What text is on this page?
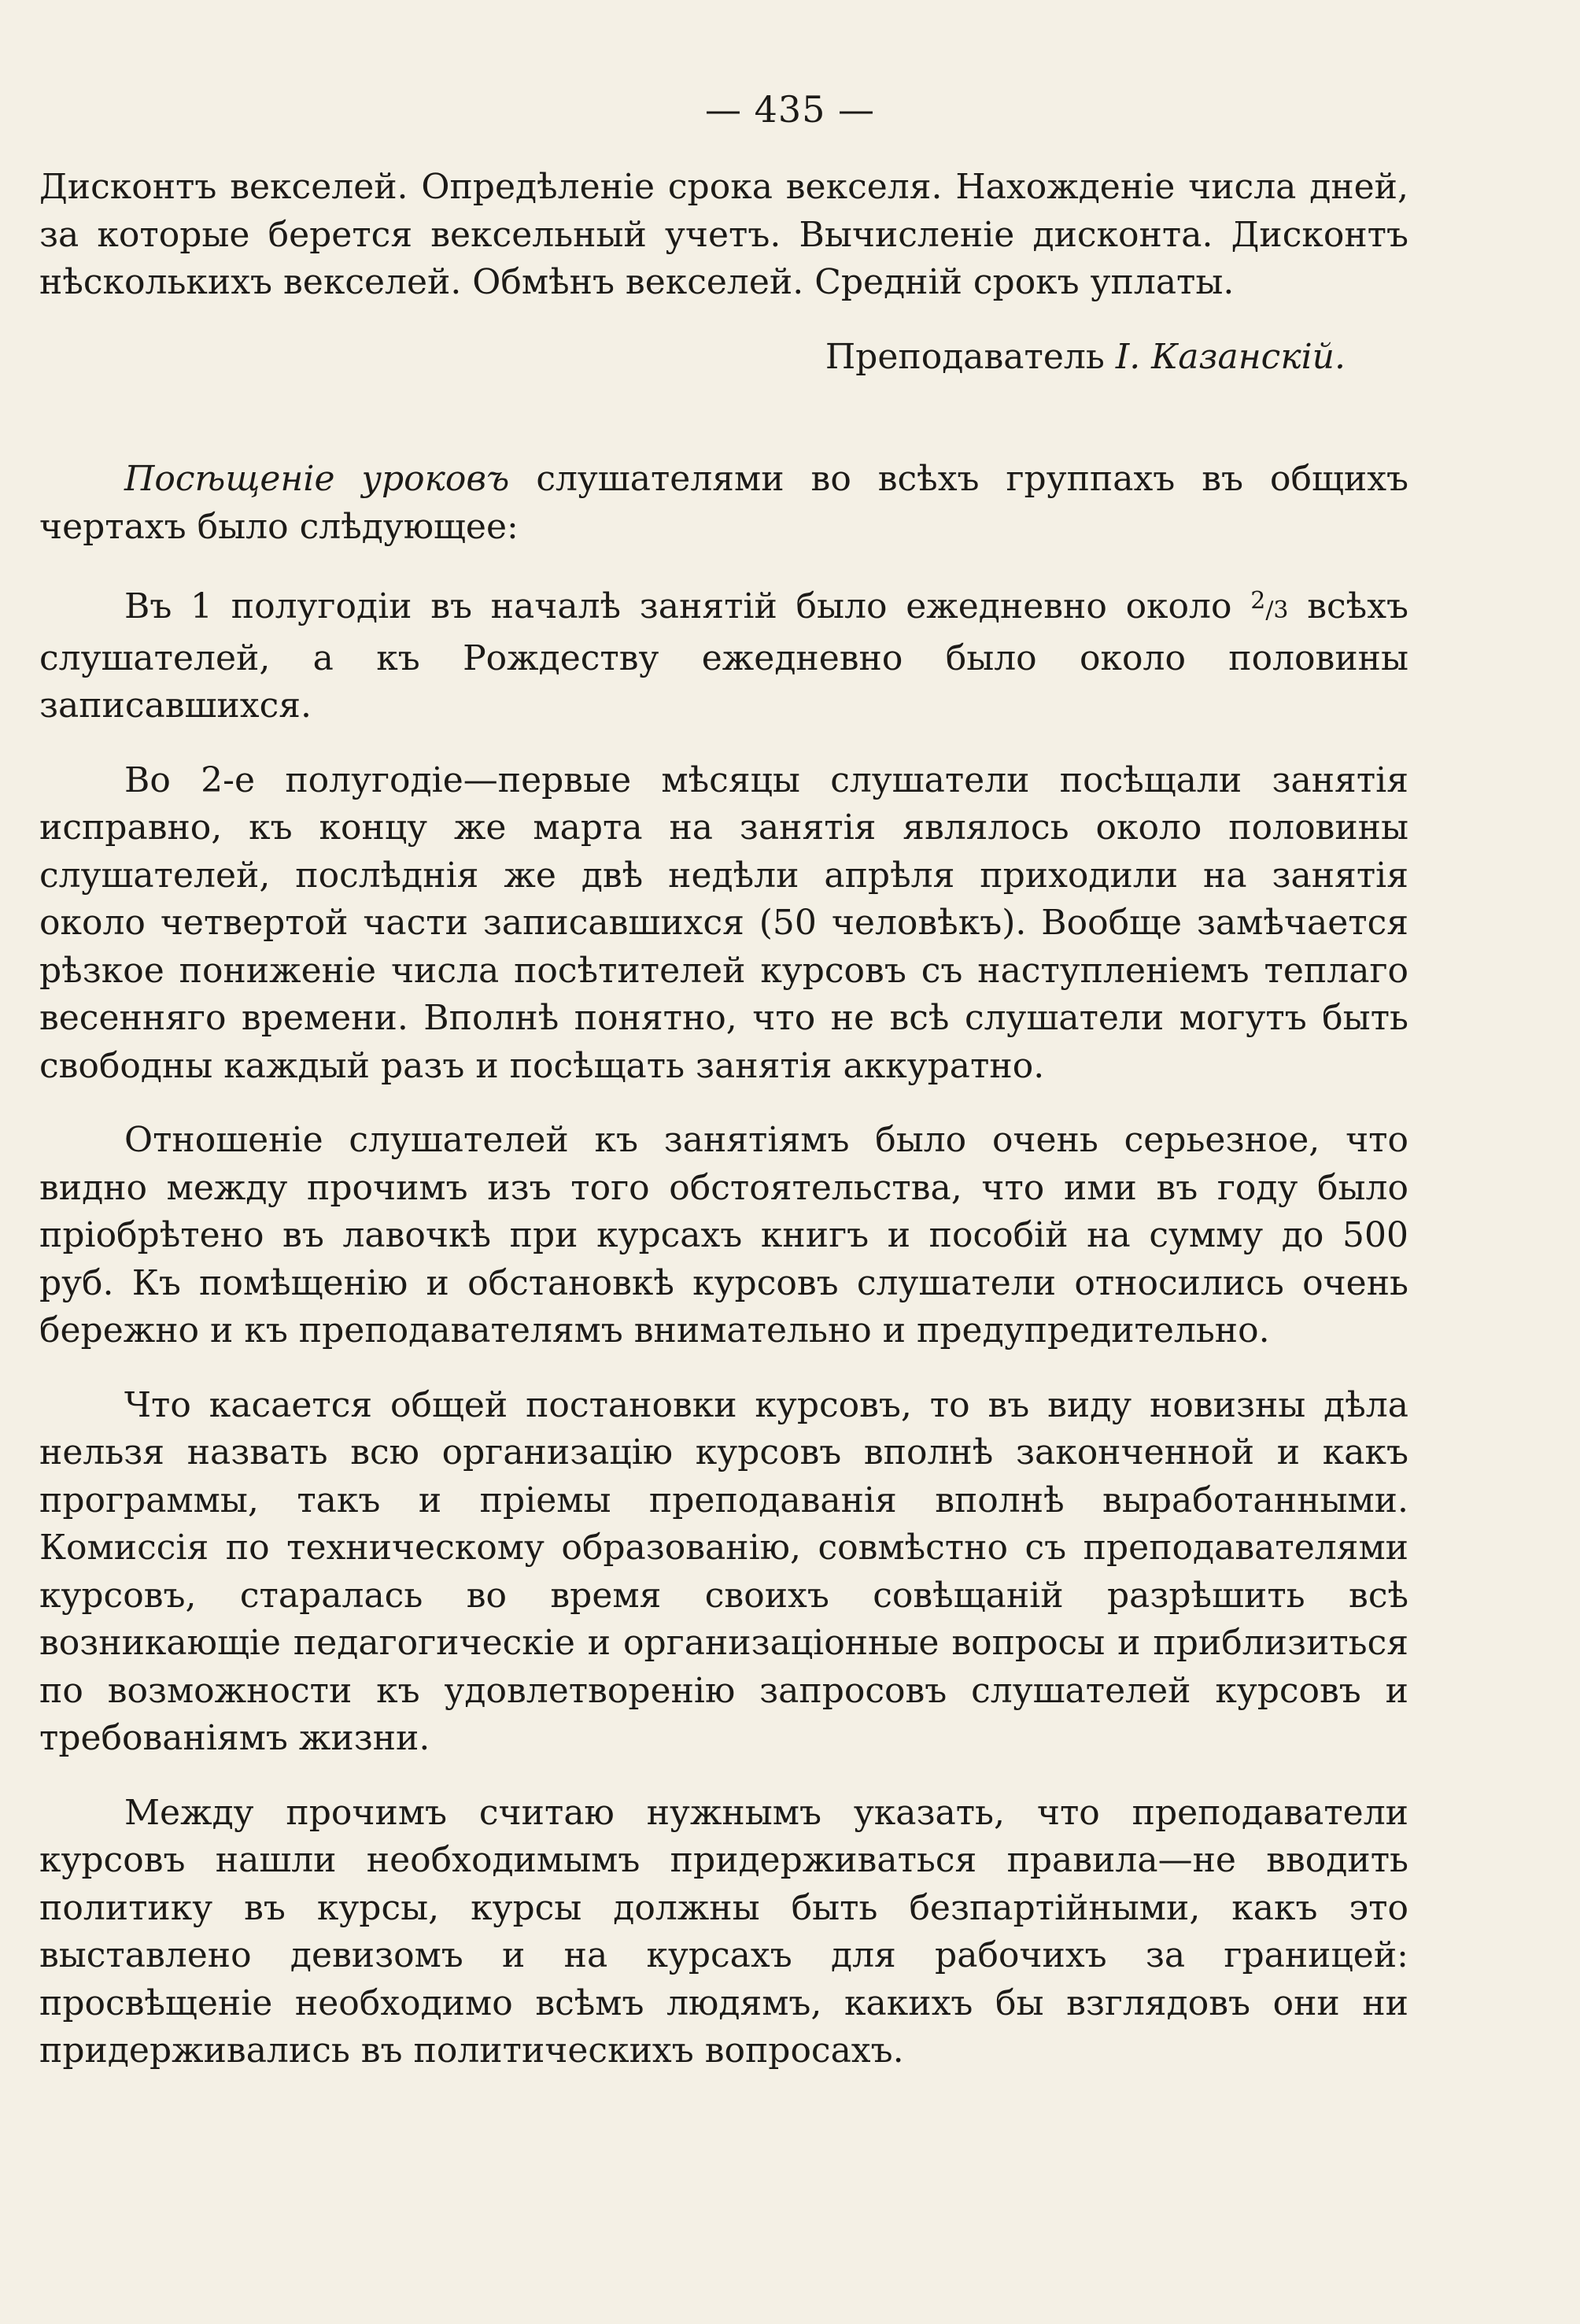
— 435 —

Дисконтъ векселей. Опредѣленіе срока векселя. Нахожденіе числа дней, за которые берется вексельный учетъ. Вычисленіе дисконта. Дисконтъ нѣсколькихъ векселей. Обмѣнъ векселей. Средній срокъ уплаты.

Преподаватель І. Казанскій.

Посѣщеніе уроковъ слушателями во всѣхъ группахъ въ общихъ чертахъ было слѣдующее:

Въ 1 полугодіи въ началѣ занятій было ежедневно около $^2$/3 всѣхъ слушателей, а къ Рождеству ежедневно было около половины записавшихся.

Во 2-е полугодіе—первые мѣсяцы слушатели посѣщали занятія исправно, къ концу же марта на занятія являлось около половины слушателей, послѣднія же двѣ недѣли апрѣля приходили на занятія около четвертой части записавшихся (50 человѣкъ). Вообще замѣчается рѣзкое пониженіе числа посѣтителей курсовъ съ наступленіемъ теплаго весенняго времени. Вполнѣ понятно, что не всѣ слушатели могутъ быть свободны каждый разъ и посѣщать занятія аккуратно.

Отношеніе слушателей къ занятіямъ было очень серьезное, что видно между прочимъ изъ того обстоятельства, что ими въ году было пріобрѣтено въ лавочкѣ при курсахъ книгъ и пособій на сумму до 500 руб. Къ помѣщенію и обстановкѣ курсовъ слушатели относились очень бережно и къ преподавателямъ внимательно и предупредительно.

Что касается общей постановки курсовъ, то въ виду новизны дѣла нельзя назвать всю организацію курсовъ вполнѣ законченной и какъ программы, такъ и пріемы преподаванія вполнѣ выработанными. Комиссія по техническому образованію, совмѣстно съ преподавателями курсовъ, старалась во время своихъ совѣщаній разрѣшить всѣ возникающіе педагогическіе и организаціонные вопросы и приблизиться по возможности къ удовлетворенію запросовъ слушателей курсовъ и требованіямъ жизни.

Между прочимъ считаю нужнымъ указать, что преподаватели курсовъ нашли необходимымъ придерживаться правила—не вводить политику въ курсы, курсы должны быть безпартійными, какъ это выставлено девизомъ и на курсахъ для рабочихъ за границей: просвѣщеніе необходимо всѣмъ людямъ, какихъ бы взглядовъ они ни придерживались въ политическихъ вопросахъ.
